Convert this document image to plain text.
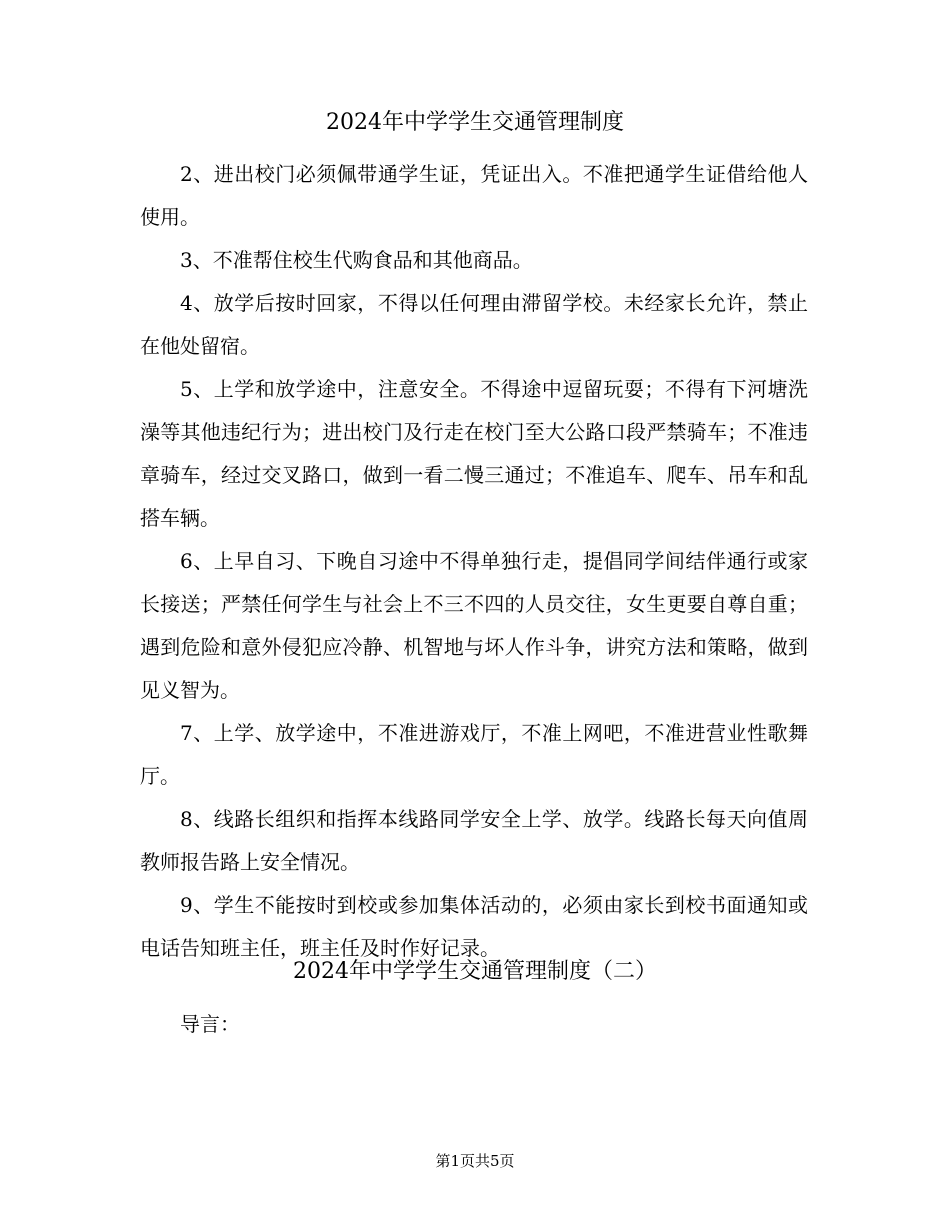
2024年中学学生交通管理制度

2、进出校门必须佩带通学生证，凭证出入。不准把通学生证借给他人使用。

3、不准帮住校生代购食品和其他商品。

4、放学后按时回家，不得以任何理由滞留学校。未经家长允许，禁止在他处留宿。

5、上学和放学途中，注意安全。不得途中逗留玩耍；不得有下河塘洗澡等其他违纪行为；进出校门及行走在校门至大公路口段严禁骑车；不准违章骑车，经过交叉路口，做到一看二慢三通过；不准追车、爬车、吊车和乱搭车辆。

6、上早自习、下晚自习途中不得单独行走，提倡同学间结伴通行或家长接送；严禁任何学生与社会上不三不四的人员交往，女生更要自尊自重；遇到危险和意外侵犯应冷静、机智地与坏人作斗争，讲究方法和策略，做到见义智为。

7、上学、放学途中，不准进游戏厅，不准上网吧，不准进营业性歌舞厅。

8、线路长组织和指挥本线路同学安全上学、放学。线路长每天向值周教师报告路上安全情况。

9、学生不能按时到校或参加集体活动的，必须由家长到校书面通知或电话告知班主任，班主任及时作好记录。

2024年中学学生交通管理制度（二）

导言：

第1页共5页
